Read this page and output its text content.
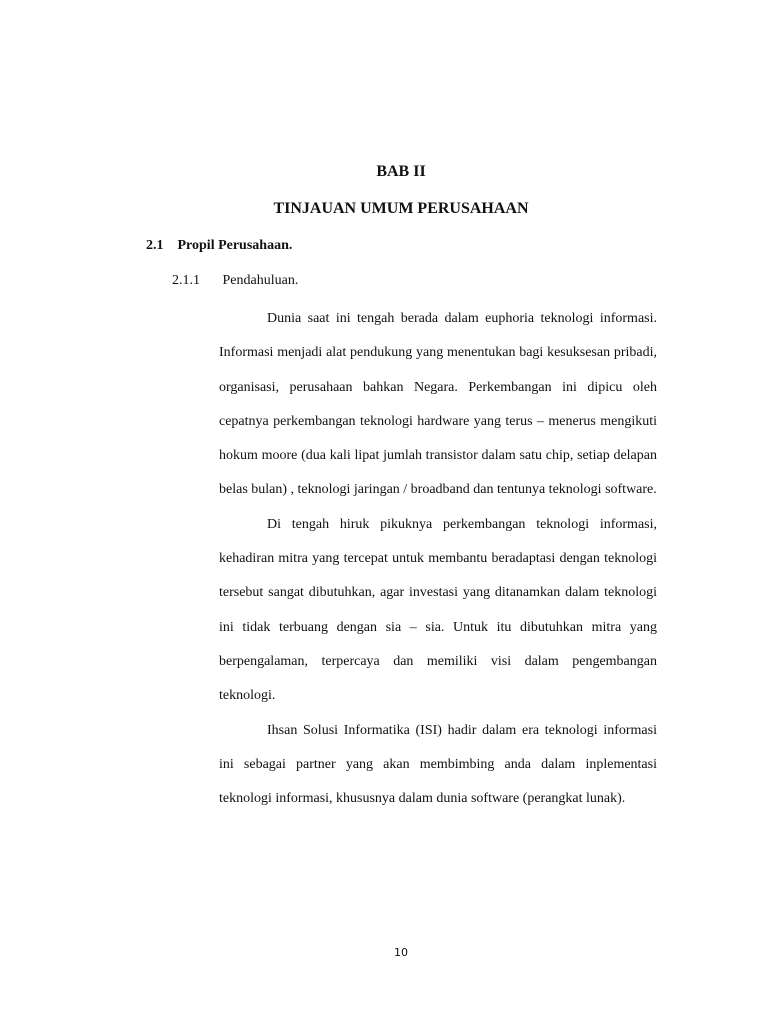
BAB II
TINJAUAN UMUM PERUSAHAAN
2.1 Propil Perusahaan.
2.1.1 Pendahuluan.

Dunia saat ini tengah berada dalam euphoria teknologi informasi. Informasi menjadi alat pendukung yang menentukan bagi kesuksesan pribadi, organisasi, perusahaan bahkan Negara. Perkembangan ini dipicu oleh cepatnya perkembangan teknologi hardware yang terus – menerus mengikuti hokum moore (dua kali lipat jumlah transistor dalam satu chip, setiap delapan belas bulan) , teknologi jaringan / broadband dan tentunya teknologi software.

Di tengah hiruk pikuknya perkembangan teknologi informasi, kehadiran mitra yang tercepat untuk membantu beradaptasi dengan teknologi tersebut sangat dibutuhkan, agar investasi yang ditanamkan dalam teknologi ini tidak terbuang dengan sia – sia. Untuk itu dibutuhkan mitra yang berpengalaman, terpercaya dan memiliki visi dalam pengembangan teknologi.

Ihsan Solusi Informatika (ISI) hadir dalam era teknologi informasi ini sebagai partner yang akan membimbing anda dalam inplementasi teknologi informasi, khususnya dalam dunia software (perangkat lunak).

10
